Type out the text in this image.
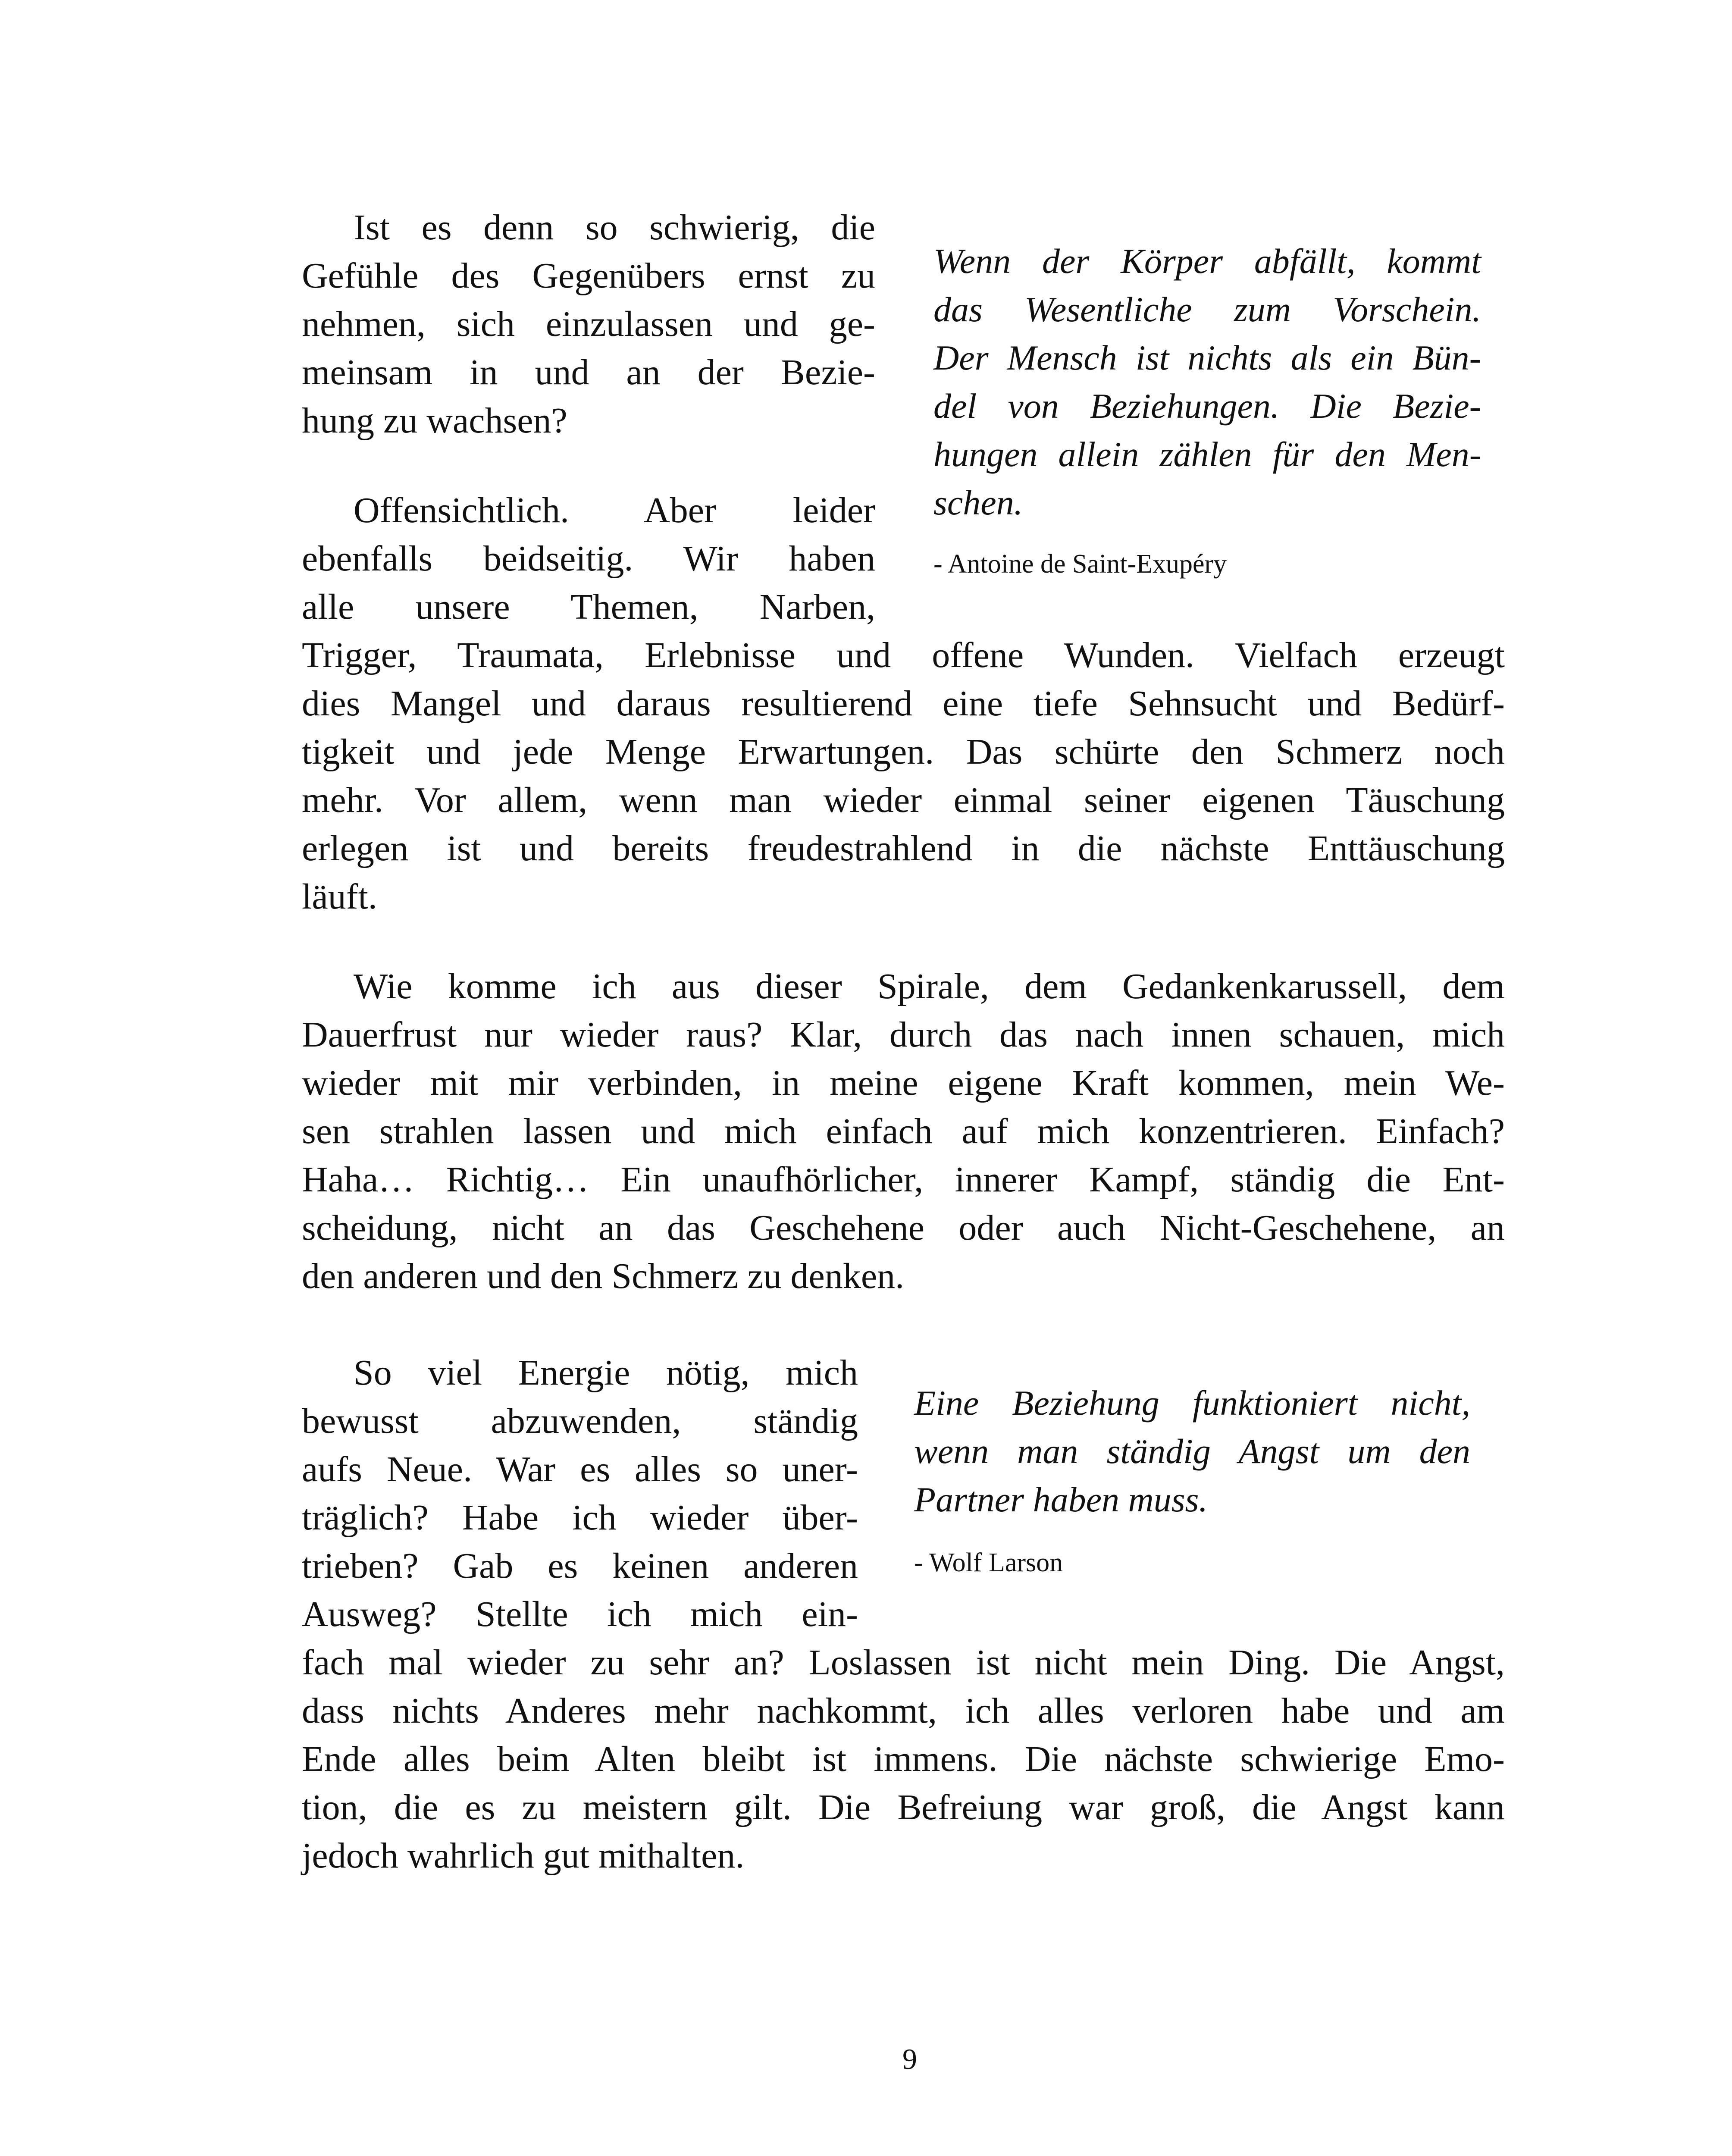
Ist es denn so schwierig, die
Gefühle des Gegenübers ernst zu
nehmen, sich einzulassen und ge-
meinsam in und an der Bezie-
hung zu wachsen?
Wenn der Körper abfällt, kommt
das Wesentliche zum Vorschein.
Der Mensch ist nichts als ein Bün-
del von Beziehungen. Die Bezie-
hungen allein zählen für den Men-
schen.
- Antoine de Saint-Exupéry
Offensichtlich. Aber leider
ebenfalls beidseitig. Wir haben
alle unsere Themen, Narben,
Trigger, Traumata, Erlebnisse und offene Wunden. Vielfach erzeugt
dies Mangel und daraus resultierend eine tiefe Sehnsucht und Bedürf-
tigkeit und jede Menge Erwartungen. Das schürte den Schmerz noch
mehr. Vor allem, wenn man wieder einmal seiner eigenen Täuschung
erlegen ist und bereits freudestrahlend in die nächste Enttäuschung
läuft.
Wie komme ich aus dieser Spirale, dem Gedankenkarussell, dem
Dauerfrust nur wieder raus? Klar, durch das nach innen schauen, mich
wieder mit mir verbinden, in meine eigene Kraft kommen, mein We-
sen strahlen lassen und mich einfach auf mich konzentrieren. Einfach?
Haha… Richtig… Ein unaufhörlicher, innerer Kampf, ständig die Ent-
scheidung, nicht an das Geschehene oder auch Nicht-Geschehene, an
den anderen und den Schmerz zu denken.
Eine Beziehung funktioniert nicht,
wenn man ständig Angst um den
Partner haben muss.
- Wolf Larson
So viel Energie nötig, mich
bewusst abzuwenden, ständig
aufs Neue. War es alles so uner-
träglich? Habe ich wieder über-
trieben? Gab es keinen anderen
Ausweg? Stellte ich mich ein-
fach mal wieder zu sehr an? Loslassen ist nicht mein Ding. Die Angst,
dass nichts Anderes mehr nachkommt, ich alles verloren habe und am
Ende alles beim Alten bleibt ist immens. Die nächste schwierige Emo-
tion, die es zu meistern gilt. Die Befreiung war groß, die Angst kann
jedoch wahrlich gut mithalten.
9
